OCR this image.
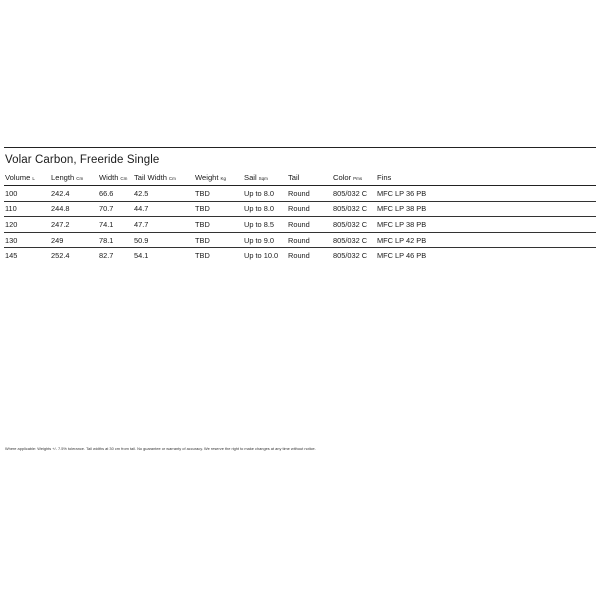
Volar Carbon, Freeride Single
Volume L	Length Cm	Width Cm	Tail Width Cm	Weight Kg	Sail Sqm	Tail	Color Pms	Fins
100	242.4	66.6	42.5	TBD	Up to 8.0	Round	805/032 C	MFC LP 36 PB
110	244.8	70.7	44.7	TBD	Up to 8.0	Round	805/032 C	MFC LP 38 PB
120	247.2	74.1	47.7	TBD	Up to 8.5	Round	805/032 C	MFC LP 38 PB
130	249	78.1	50.9	TBD	Up to 9.0	Round	805/032 C	MFC LP 42 PB
145	252.4	82.7	54.1	TBD	Up to 10.0	Round	805/032 C	MFC LP 46 PB
Where applicable: Weights +/- 7.5% tolerance. Tail widths at 30 cm from tail. No guarantee or warranty of accuracy. We reserve the right to make changes at any time without notice.
